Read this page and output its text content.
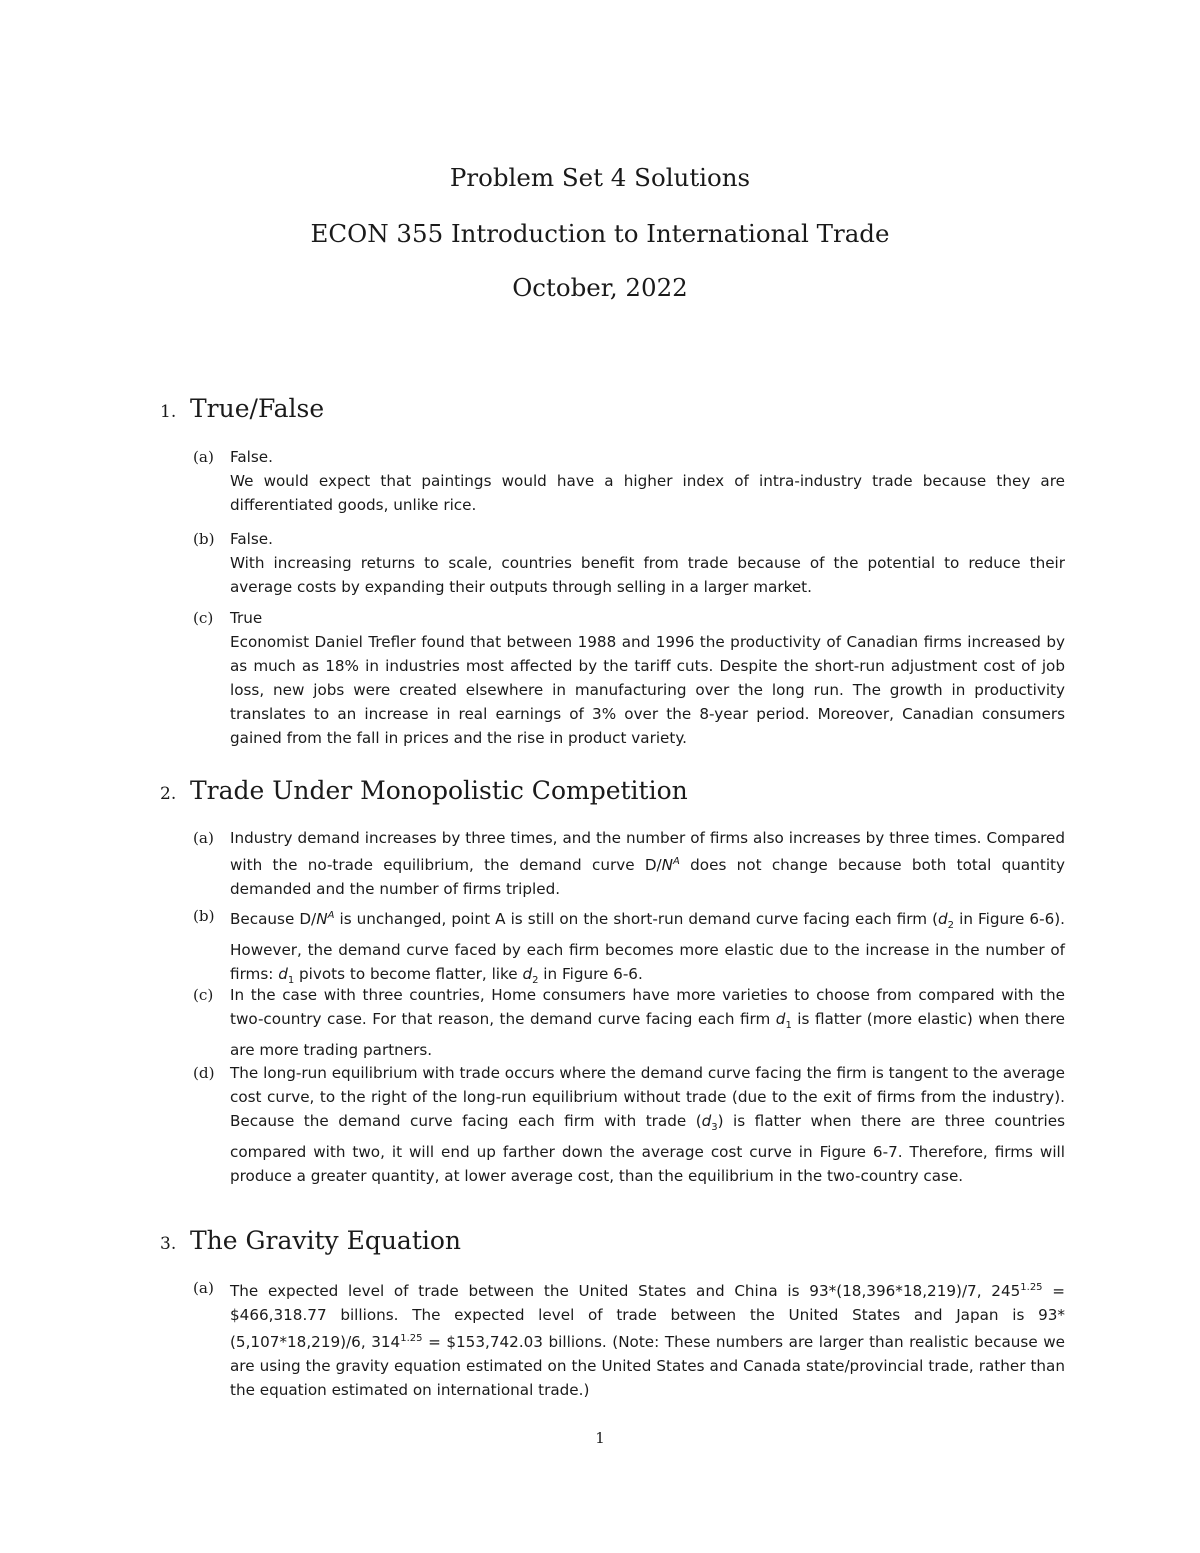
Problem Set 4 Solutions
ECON 355 Introduction to International Trade
October, 2022
1. True/False
(a)	False.

We would expect that paintings would have a higher index of intra-industry trade because they are differentiated goods, unlike rice.

(b)	False.

With increasing returns to scale, countries benefit from trade because of the potential to reduce their average costs by expanding their outputs through selling in a larger market.

(c)	True

Economist Daniel Trefler found that between 1988 and 1996 the productivity of Canadian firms increased by as much as 18% in industries most affected by the tariff cuts. Despite the short-run adjustment cost of job loss, new jobs were created elsewhere in manufacturing over the long run. The growth in productivity translates to an increase in real earnings of 3% over the 8-year period. Moreover, Canadian consumers gained from the fall in prices and the rise in product variety.

2. Trade Under Monopolistic Competition
(a)	Industry demand increases by three times, and the number of firms also increases by three times. Compared with the no-trade equilibrium, the demand curve $D/N^A$ does not change because both total quantity demanded and the number of firms tripled.

(b)	Because $D/N^A$ is unchanged, point A is still on the short-run demand curve facing each firm ($d_2$ in Figure 6-6). However, the demand curve faced by each firm becomes more elastic due to the increase in the number of firms: $d_1$ pivots to become flatter, like $d_2$ in Figure 6-6.

(c)	In the case with three countries, Home consumers have more varieties to choose from compared with the two-country case. For that reason, the demand curve facing each firm $d_1$ is flatter (more elastic) when there are more trading partners.

(d)	The long-run equilibrium with trade occurs where the demand curve facing the firm is tangent to the average cost curve, to the right of the long-run equilibrium without trade (due to the exit of firms from the industry). Because the demand curve facing each firm with trade $(d_3)$ is flatter when there are three countries compared with two, it will end up farther down the average cost curve in Figure 6-7. Therefore, firms will produce a greater quantity, at lower average cost, than the equilibrium in the two-country case.

3. The Gravity Equation
(a)	The expected level of trade between the United States and China is 93*(18,396*18,219)/7, $245^{1.25}$ = $466,318.77 billions. The expected level of trade between the United States and Japan is 93*(5,107*18,219)/6, $314^{1.25}$ = $153,742.03 billions. (Note: These numbers are larger than realistic because we are using the gravity equation estimated on the United States and Canada state/provincial trade, rather than the equation estimated on international trade.)

1
